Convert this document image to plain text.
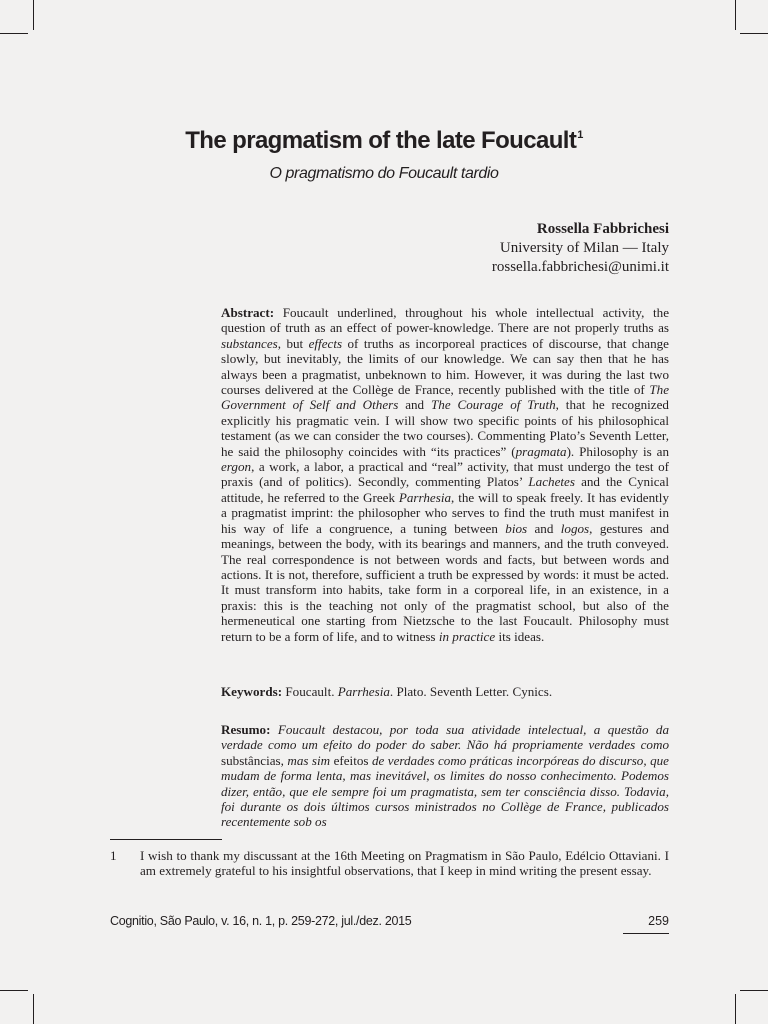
The pragmatism of the late Foucault$^1$
O pragmatismo do Foucault tardio
Rossella Fabbrichesi
University of Milan — Italy
rossella.fabbrichesi@unimi.it
Abstract: Foucault underlined, throughout his whole intellectual activity, the question of truth as an effect of power-knowledge. There are not properly truths as substances, but effects of truths as incorporeal practices of discourse, that change slowly, but inevitably, the limits of our knowledge. We can say then that he has always been a pragmatist, unbeknown to him. However, it was during the last two courses delivered at the Collège de France, recently published with the title of The Government of Self and Others and The Courage of Truth, that he recognized explicitly his pragmatic vein. I will show two specific points of his philosophical testament (as we can consider the two courses). Commenting Plato’s Seventh Letter, he said the philosophy coincides with “its practices” (pragmata). Philosophy is an ergon, a work, a labor, a practical and “real” activity, that must undergo the test of praxis (and of politics). Secondly, commenting Platos’ Lachetes and the Cynical attitude, he referred to the Greek Parrhesia, the will to speak freely. It has evidently a pragmatist imprint: the philosopher who serves to find the truth must manifest in his way of life a congruence, a tuning between bios and logos, gestures and meanings, between the body, with its bearings and manners, and the truth conveyed. The real correspondence is not between words and facts, but between words and actions. It is not, therefore, sufficient a truth be expressed by words: it must be acted. It must transform into habits, take form in a corporeal life, in an existence, in a praxis: this is the teaching not only of the pragmatist school, but also of the hermeneutical one starting from Nietzsche to the last Foucault. Philosophy must return to be a form of life, and to witness in practice its ideas.
Keywords: Foucault. Parrhesia. Plato. Seventh Letter. Cynics.
Resumo: Foucault destacou, por toda sua atividade intelectual, a questão da verdade como um efeito do poder do saber. Não há propriamente verdades como substâncias, mas sim efeitos de verdades como práticas incorpóreas do discurso, que mudam de forma lenta, mas inevitável, os limites do nosso conhecimento. Podemos dizer, então, que ele sempre foi um pragmatista, sem ter consciência disso. Todavia, foi durante os dois últimos cursos ministrados no Collège de France, publicados recentemente sob os
1 I wish to thank my discussant at the 16th Meeting on Pragmatism in São Paulo, Edélcio Ottaviani. I am extremely grateful to his insightful observations, that I keep in mind writing the present essay.
Cognitio, São Paulo, v. 16, n. 1, p. 259-272, jul./dez. 2015	259
